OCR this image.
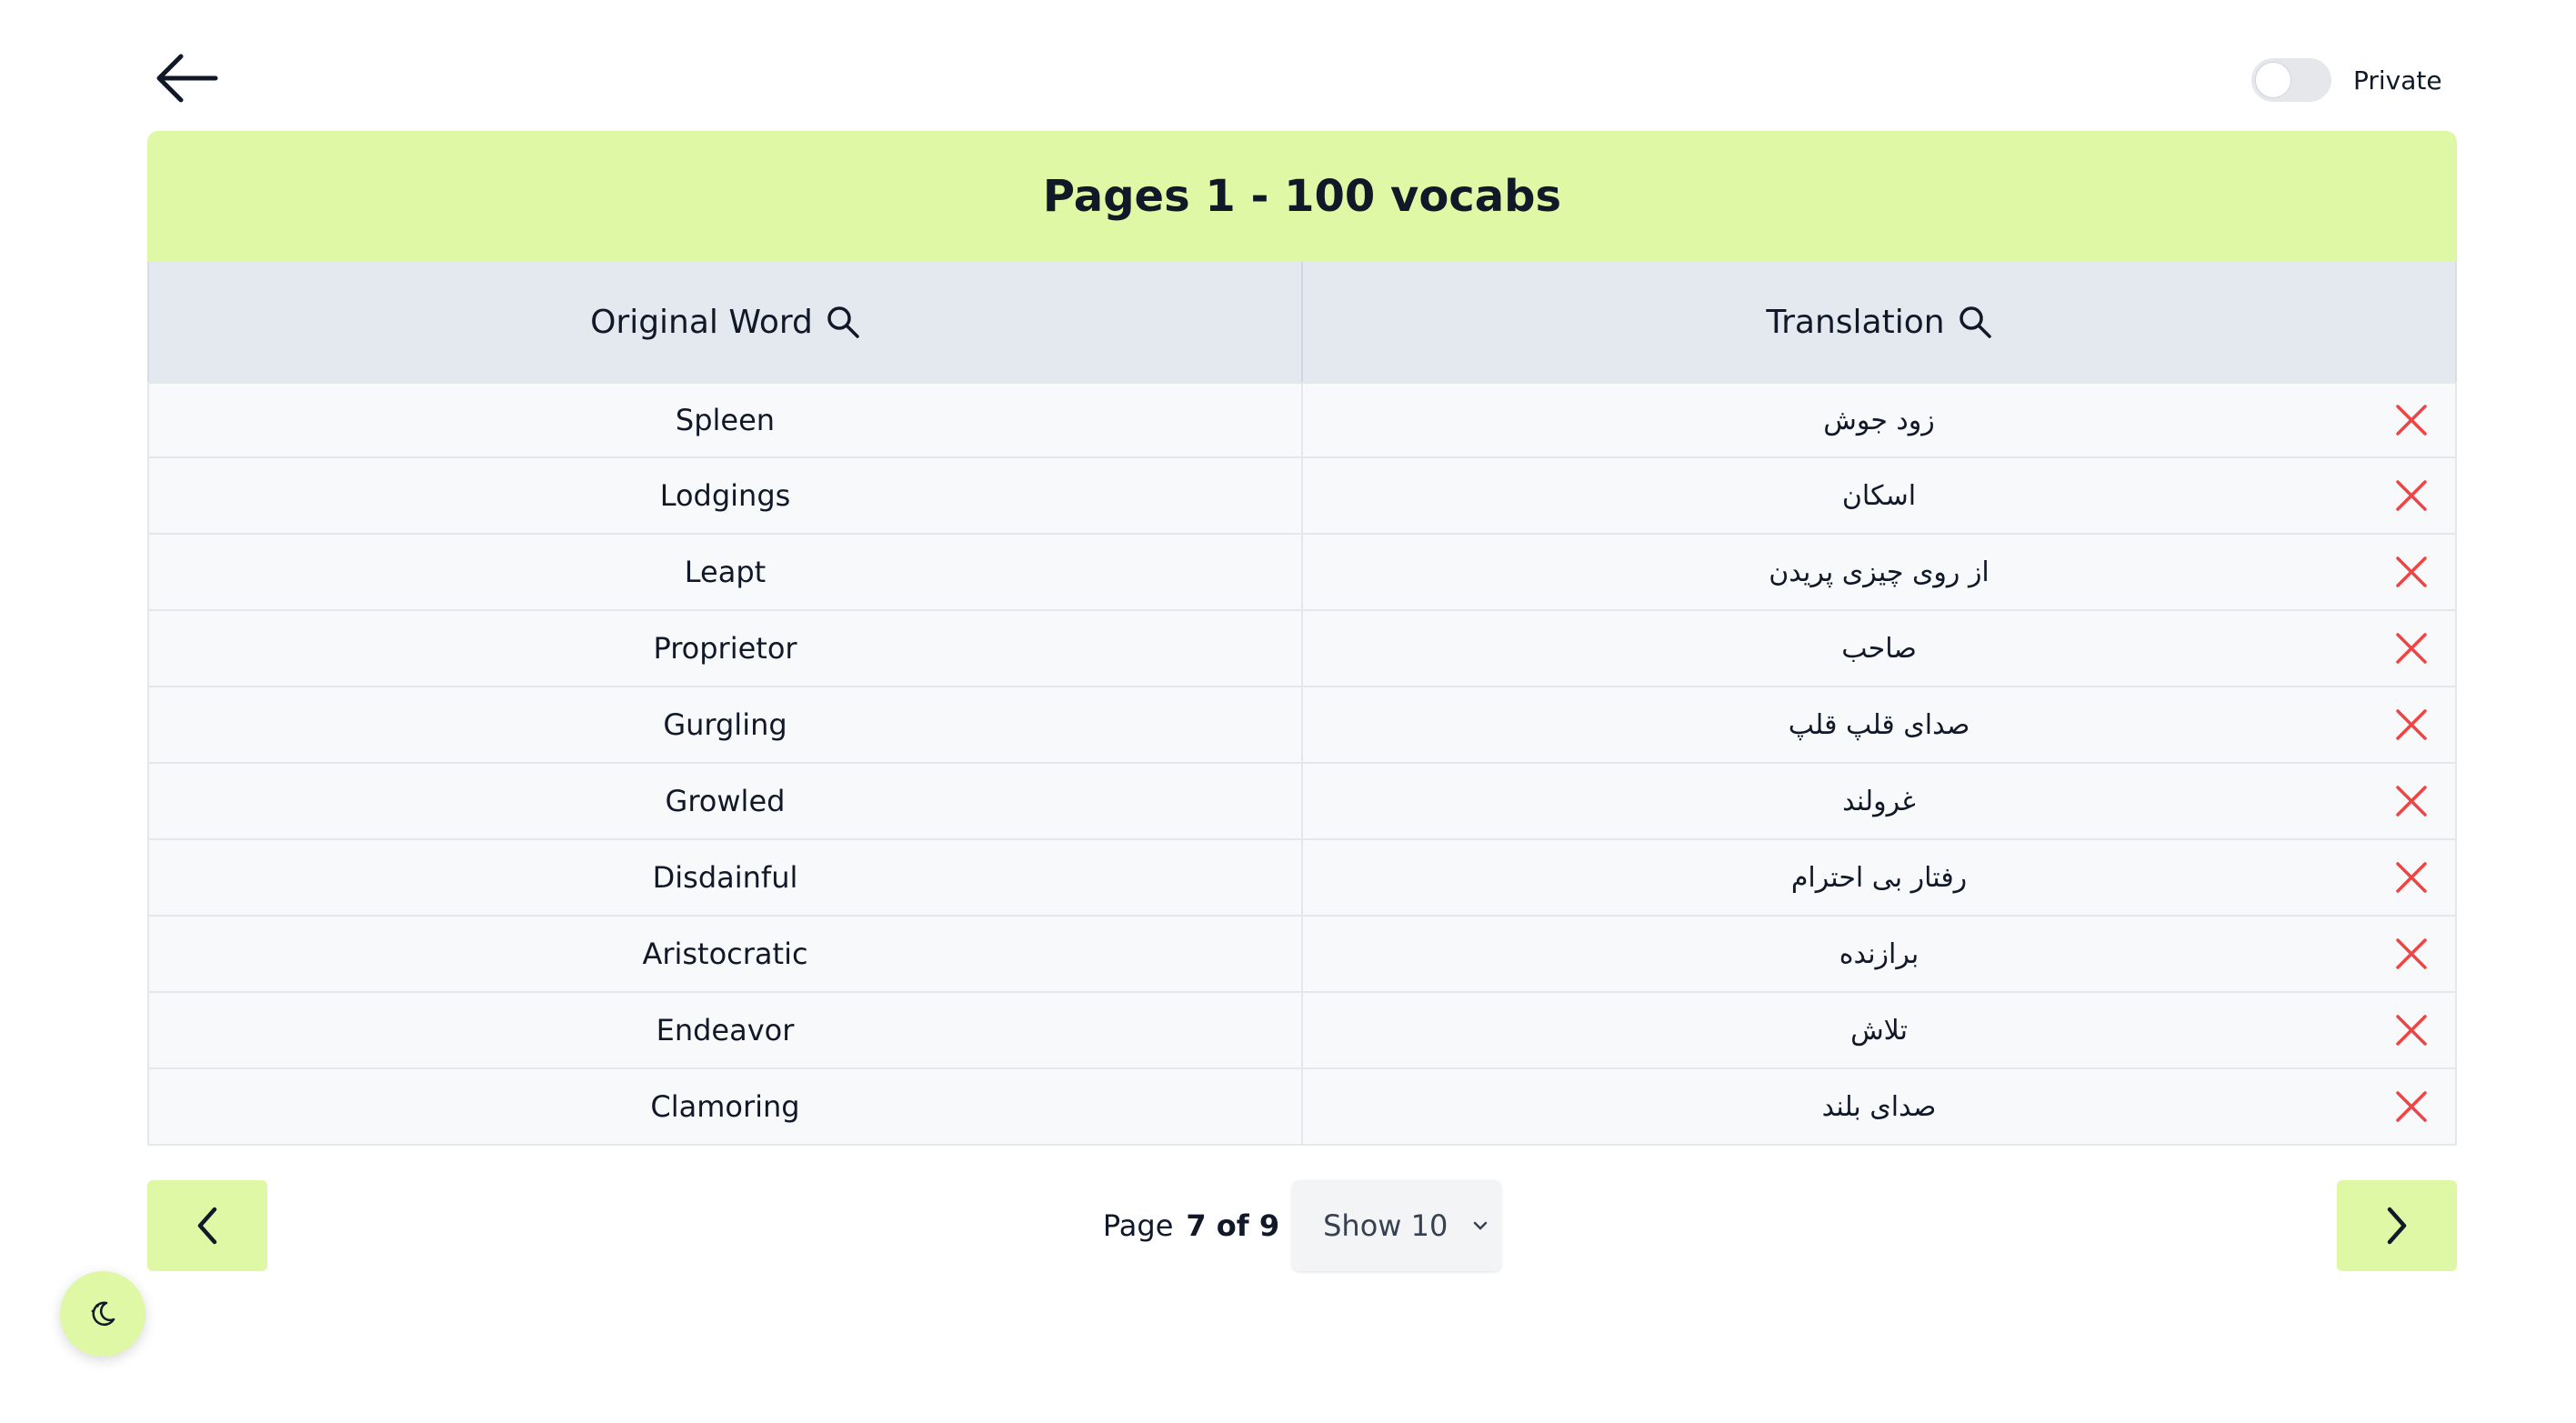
Private
Pages 1 - 100 vocabs
Original Word	Translation
Spleen	زود جوش
Lodgings	اسکان
Leapt	از روی چیزی پریدن
Proprietor	صاحب
Gurgling	صدای قلپ قلپ
Growled	غرولند
Disdainful	رفتار بی احترام
Aristocratic	برازنده
Endeavor	تلاش
Clamoring	صدای بلند
Page 7 of 9 Show 10
